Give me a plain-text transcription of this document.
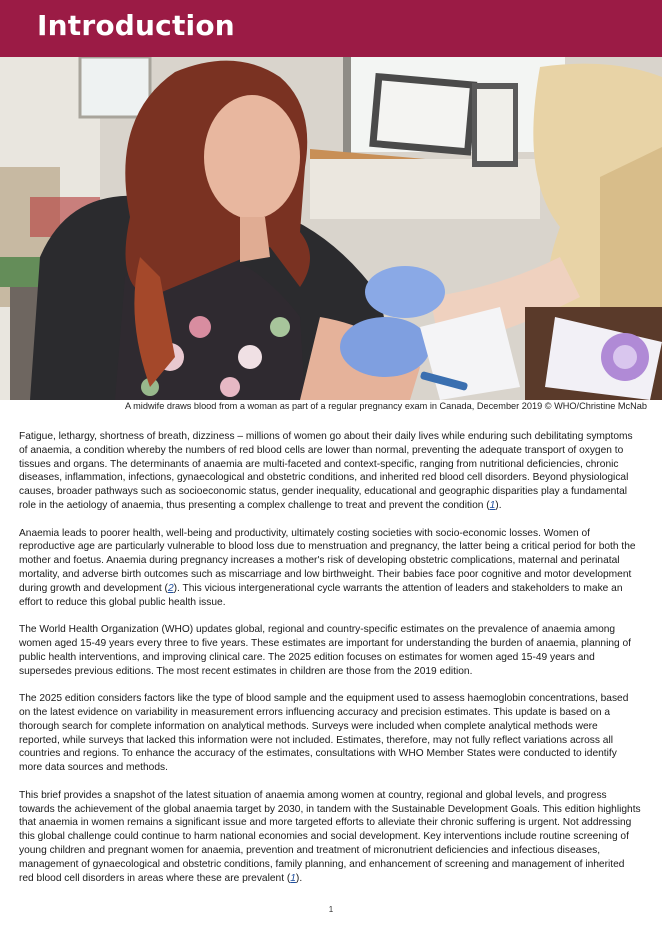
Introduction
A midwife draws blood from a woman as part of a regular pregnancy exam in Canada, December 2019 © WHO/Christine McNab

Fatigue, lethargy, shortness of breath, dizziness – millions of women go about their daily lives while enduring such debilitating symptoms of anaemia, a condition whereby the numbers of red blood cells are lower than normal, preventing the adequate transport of oxygen to tissues and organs. The determinants of anaemia are multi-faceted and context-specific, ranging from nutritional deficiencies, chronic diseases, inflammation, infections, gynaecological and obstetric conditions, and inherited red blood cell disorders. Beyond physiological causes, broader pathways such as socioeconomic status, gender inequality, educational and geographic disparities play a fundamental role in the aetiology of anaemia, thus presenting a complex challenge to treat and prevent the condition (1).

Anaemia leads to poorer health, well-being and productivity, ultimately costing societies with socio-economic losses. Women of reproductive age are particularly vulnerable to blood loss due to menstruation and pregnancy, the latter being a critical period for both the mother and foetus. Anaemia during pregnancy increases a mother's risk of developing obstetric complications, maternal and perinatal mortality, and adverse birth outcomes such as miscarriage and low birthweight. Their babies face poor cognitive and motor development during growth and development (2). This vicious intergenerational cycle warrants the attention of leaders and stakeholders to make an effort to reduce this global public health issue.

The World Health Organization (WHO) updates global, regional and country-specific estimates on the prevalence of anaemia among women aged 15-49 years every three to five years. These estimates are important for understanding the burden of anaemia, planning of public health interventions, and improving clinical care. The 2025 edition focuses on estimates for women aged 15-49 years and supersedes previous editions. The most recent estimates in children are those from the 2019 edition.

The 2025 edition considers factors like the type of blood sample and the equipment used to assess haemoglobin concentrations, based on the latest evidence on variability in measurement errors influencing accuracy and precision estimates. This update is based on a thorough search for complete information on analytical methods. Surveys were included when complete analytical methods were reported, while surveys that lacked this information were not included. Estimates, therefore, may not fully reflect variations across all countries and regions. To enhance the accuracy of the estimates, consultations with WHO Member States were conducted to identify more data sources and methods.

This brief provides a snapshot of the latest situation of anaemia among women at country, regional and global levels, and progress towards the achievement of the global anaemia target by 2030, in tandem with the Sustainable Development Goals. This edition highlights that anaemia in women remains a significant issue and more targeted efforts to alleviate their chronic suffering is urgent. Not addressing this global challenge could continue to harm national economies and social development. Key interventions include routine screening of young children and pregnant women for anaemia, prevention and treatment of micronutrient deficiencies and infectious diseases, management of gynaecological and obstetric conditions, family planning, and enhancement of screening and management of inherited red blood cell disorders in areas where these are prevalent (1).

1
